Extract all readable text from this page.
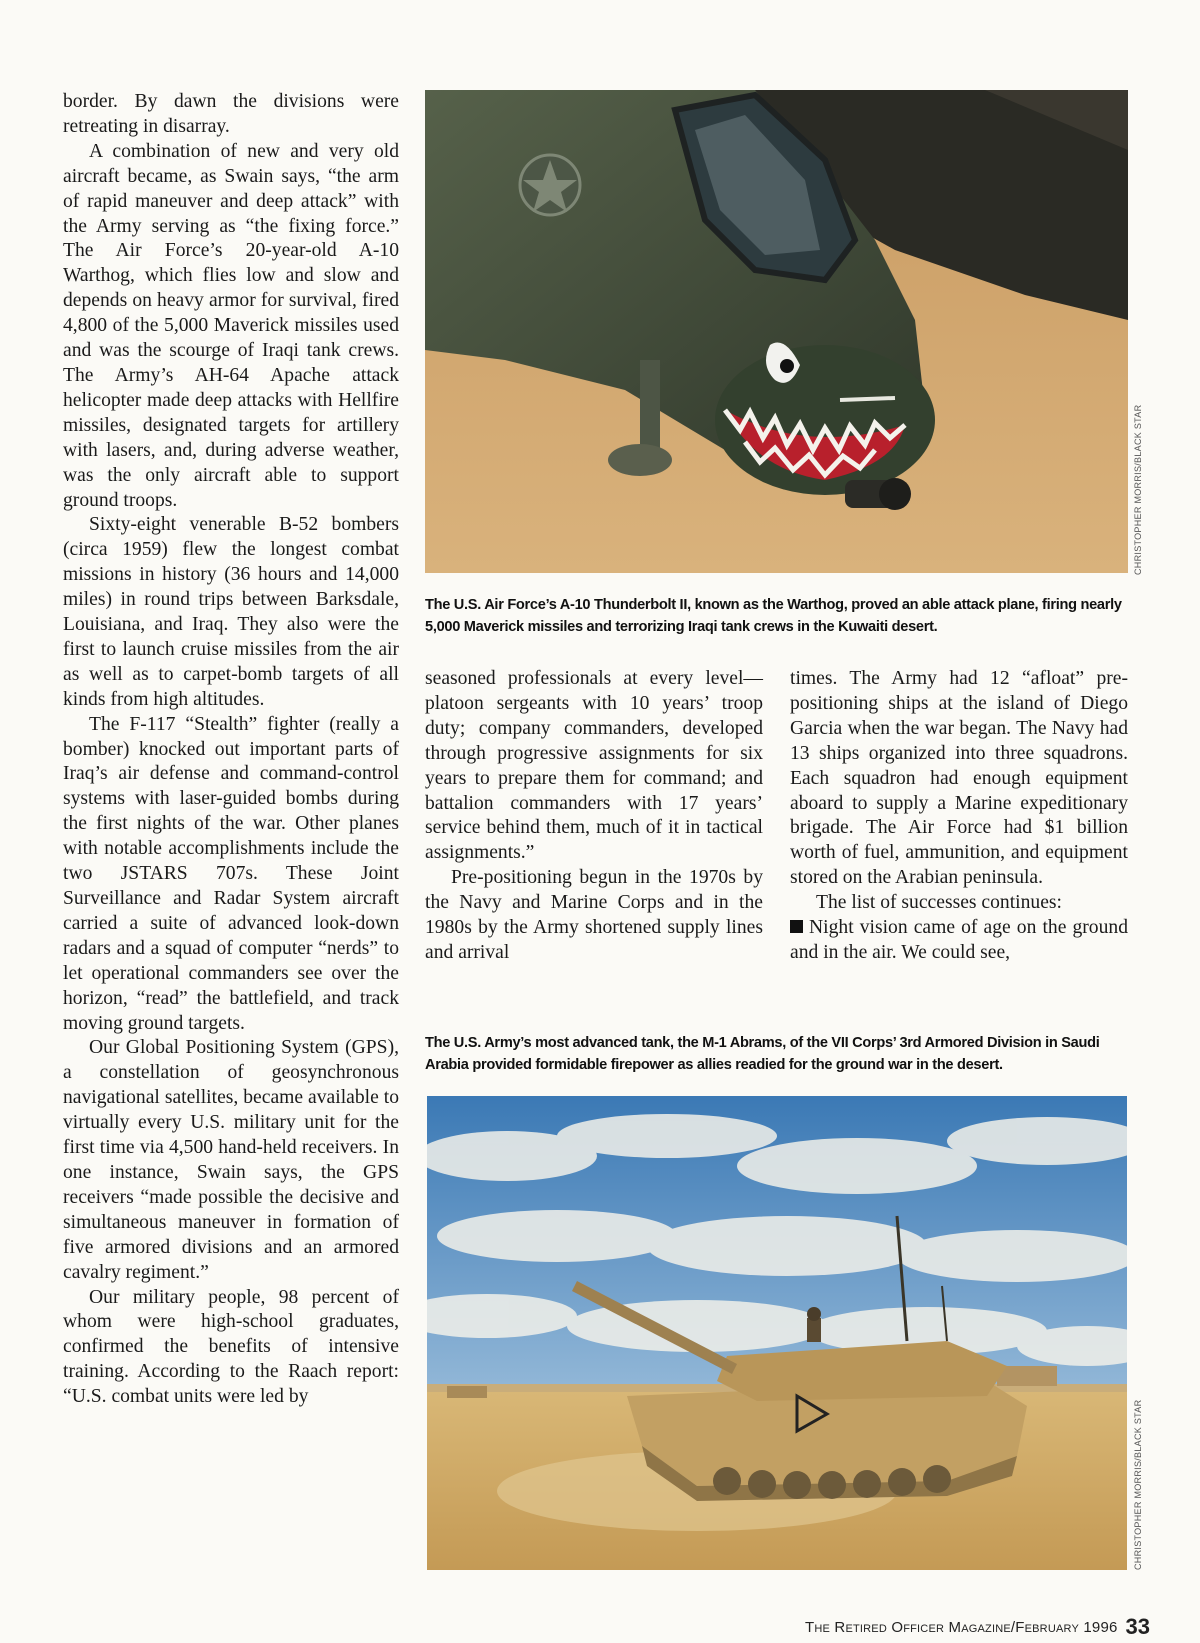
border. By dawn the divisions were retreating in disarray.

A combination of new and very old aircraft became, as Swain says, “the arm of rapid maneuver and deep attack” with the Army serving as “the fixing force.” The Air Force’s 20-year-old A-10 Warthog, which flies low and slow and depends on heavy armor for survival, fired 4,800 of the 5,000 Maverick missiles used and was the scourge of Iraqi tank crews. The Army’s AH-64 Apache attack helicopter made deep attacks with Hellfire missiles, designated targets for artillery with lasers, and, during adverse weather, was the only aircraft able to support ground troops.

Sixty-eight venerable B-52 bombers (circa 1959) flew the longest combat missions in history (36 hours and 14,000 miles) in round trips between Barksdale, Louisiana, and Iraq. They also were the first to launch cruise missiles from the air as well as to carpet-bomb targets of all kinds from high altitudes.

The F-117 “Stealth” fighter (really a bomber) knocked out important parts of Iraq’s air defense and command-control systems with laser-guided bombs during the first nights of the war. Other planes with notable accomplishments include the two JSTARS 707s. These Joint Surveillance and Radar System aircraft carried a suite of advanced look-down radars and a squad of computer “nerds” to let operational commanders see over the horizon, “read” the battlefield, and track moving ground targets.

Our Global Positioning System (GPS), a constellation of geosynchronous navigational satellites, became available to virtually every U.S. military unit for the first time via 4,500 hand-held receivers. In one instance, Swain says, the GPS receivers “made possible the decisive and simultaneous maneuver in formation of five armored divisions and an armored cavalry regiment.”

Our military people, 98 percent of whom were high-school graduates, confirmed the benefits of intensive training. According to the Raach report: “U.S. combat units were led by

CHRISTOPHER MORRIS/BLACK STAR
The U.S. Air Force’s A-10 Thunderbolt II, known as the Warthog, proved an able attack plane, firing nearly 5,000 Maverick missiles and terrorizing Iraqi tank crews in the Kuwaiti desert.

seasoned professionals at every level—platoon sergeants with 10 years’ troop duty; company commanders, developed through progressive assignments for six years to prepare them for command; and battalion commanders with 17 years’ service behind them, much of it in tactical assignments.”

Pre-positioning begun in the 1970s by the Navy and Marine Corps and in the 1980s by the Army shortened supply lines and arrival

times. The Army had 12 “afloat” pre-positioning ships at the island of Diego Garcia when the war began. The Navy had 13 ships organized into three squadrons. Each squadron had enough equipment aboard to supply a Marine expeditionary brigade. The Air Force had $1 billion worth of fuel, ammunition, and equipment stored on the Arabian peninsula.

The list of successes continues:

Night vision came of age on the ground and in the air. We could see,

The U.S. Army’s most advanced tank, the M-1 Abrams, of the VII Corps’ 3rd Armored Division in Saudi Arabia provided formidable firepower as allies readied for the ground war in the desert.
CHRISTOPHER MORRIS/BLACK STAR
The Retired Officer Magazine/February 1996 33
